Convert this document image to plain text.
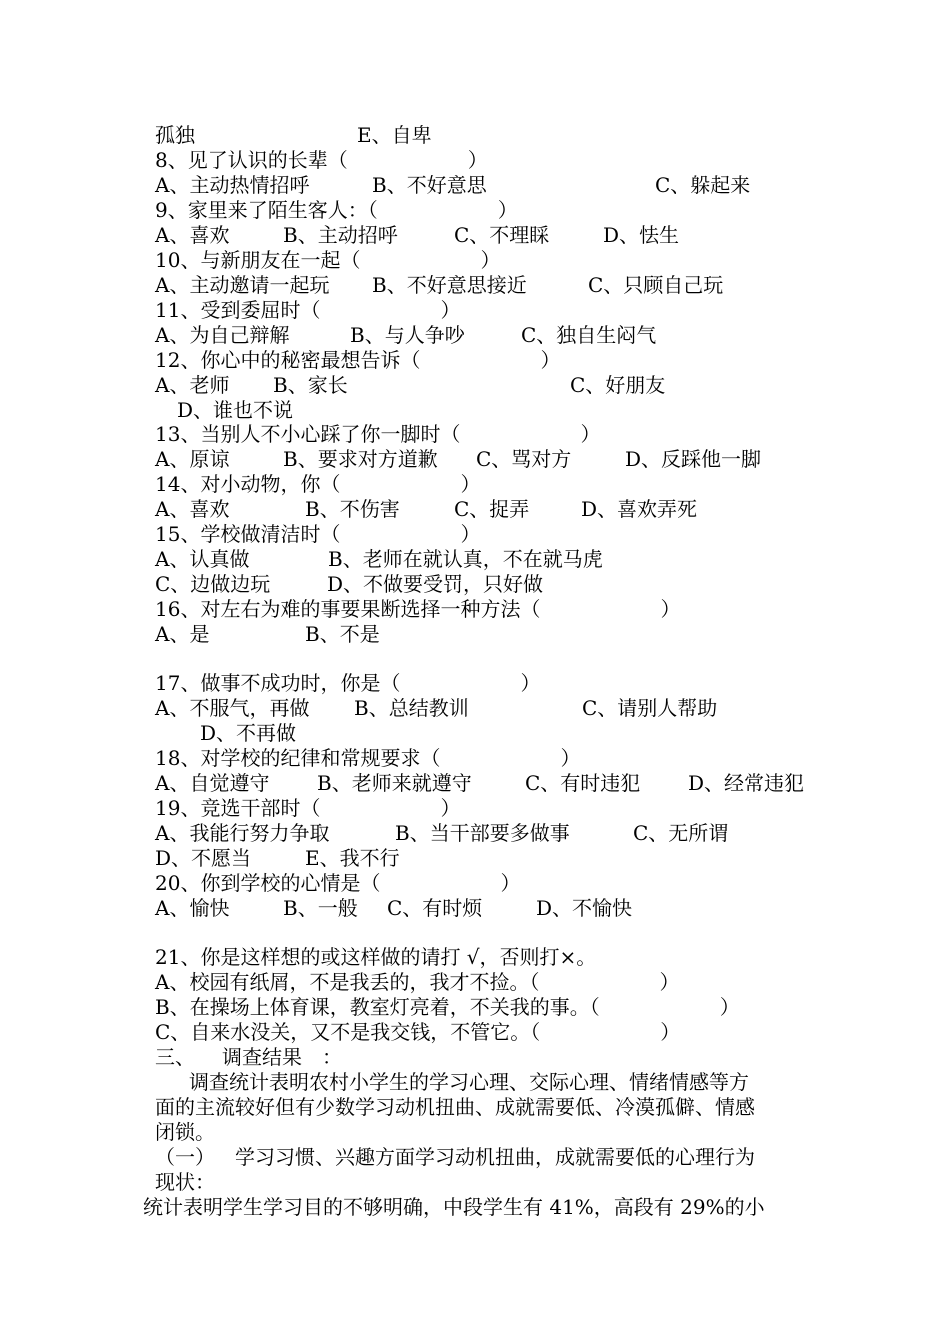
孤独	E、自卑
8、见了认识的长辈（　　　　　　）
A、主动热情招呼	B、不好意思	C、躲起来
9、家里来了陌生客人：（　　　　　　）
A、喜欢	B、主动招呼	C、不理睬	D、怯生
10、与新朋友在一起（　　　　　　）
A、主动邀请一起玩 B、不好意思接近	C、只顾自己玩
11、受到委屈时（　　　　　　）
A、为自己辩解	B、与人争吵	C、独自生闷气
12、你心中的秘密最想告诉（　　　　　　）
A、老师 B、家长	C、好朋友
D、谁也不说
13、当别人不小心踩了你一脚时（　　　　　　）
A、原谅	B、要求对方道歉 C、骂对方	D、反踩他一脚
14、对小动物，你（　　　　　　）
A、喜欢	B、不伤害	C、捉弄	D、喜欢弄死
15、学校做清洁时（　　　　　　）
A、认真做	B、老师在就认真，不在就马虎
C、边做边玩	D、不做要受罚，只好做
16、对左右为难的事要果断选择一种方法（　　　　　　）
A、是	B、不是
17、做事不成功时，你是（　　　　　　）
A、不服气，再做 B、总结教训	C、请别人帮助
D、不再做
18、对学校的纪律和常规要求（　　　　　　）
A、自觉遵守 B、老师来就遵守	C、有时违犯 D、经常违犯
19、竞选干部时（　　　　　　）
A、我能行努力争取	B、当干部要多做事	C、无所谓
D、不愿当	E、我不行
20、你到学校的心情是（　　　　　　）
A、愉快	B、一般 C、有时烦	D、不愉快
21、你是这样想的或这样做的请打 √，否则打×。
A、校园有纸屑，不是我丢的，我才不捡。（　　　　　　）
B、在操场上体育课，教室灯亮着，不关我的事。（　　　　　　）
C、自来水没关，又不是我交钱，不管它。（　　　　　　）
三、 调查结果　：
调查统计表明农村小学生的学习心理、交际心理、情绪情感等方
面的主流较好但有少数学习动机扭曲、成就需要低、冷漠孤僻、情感
闭锁。
（一） 学习习惯、兴趣方面学习动机扭曲，成就需要低的心理行为
现状：
统计表明学生学习目的不够明确，中段学生有 41%，高段有 29%的小
